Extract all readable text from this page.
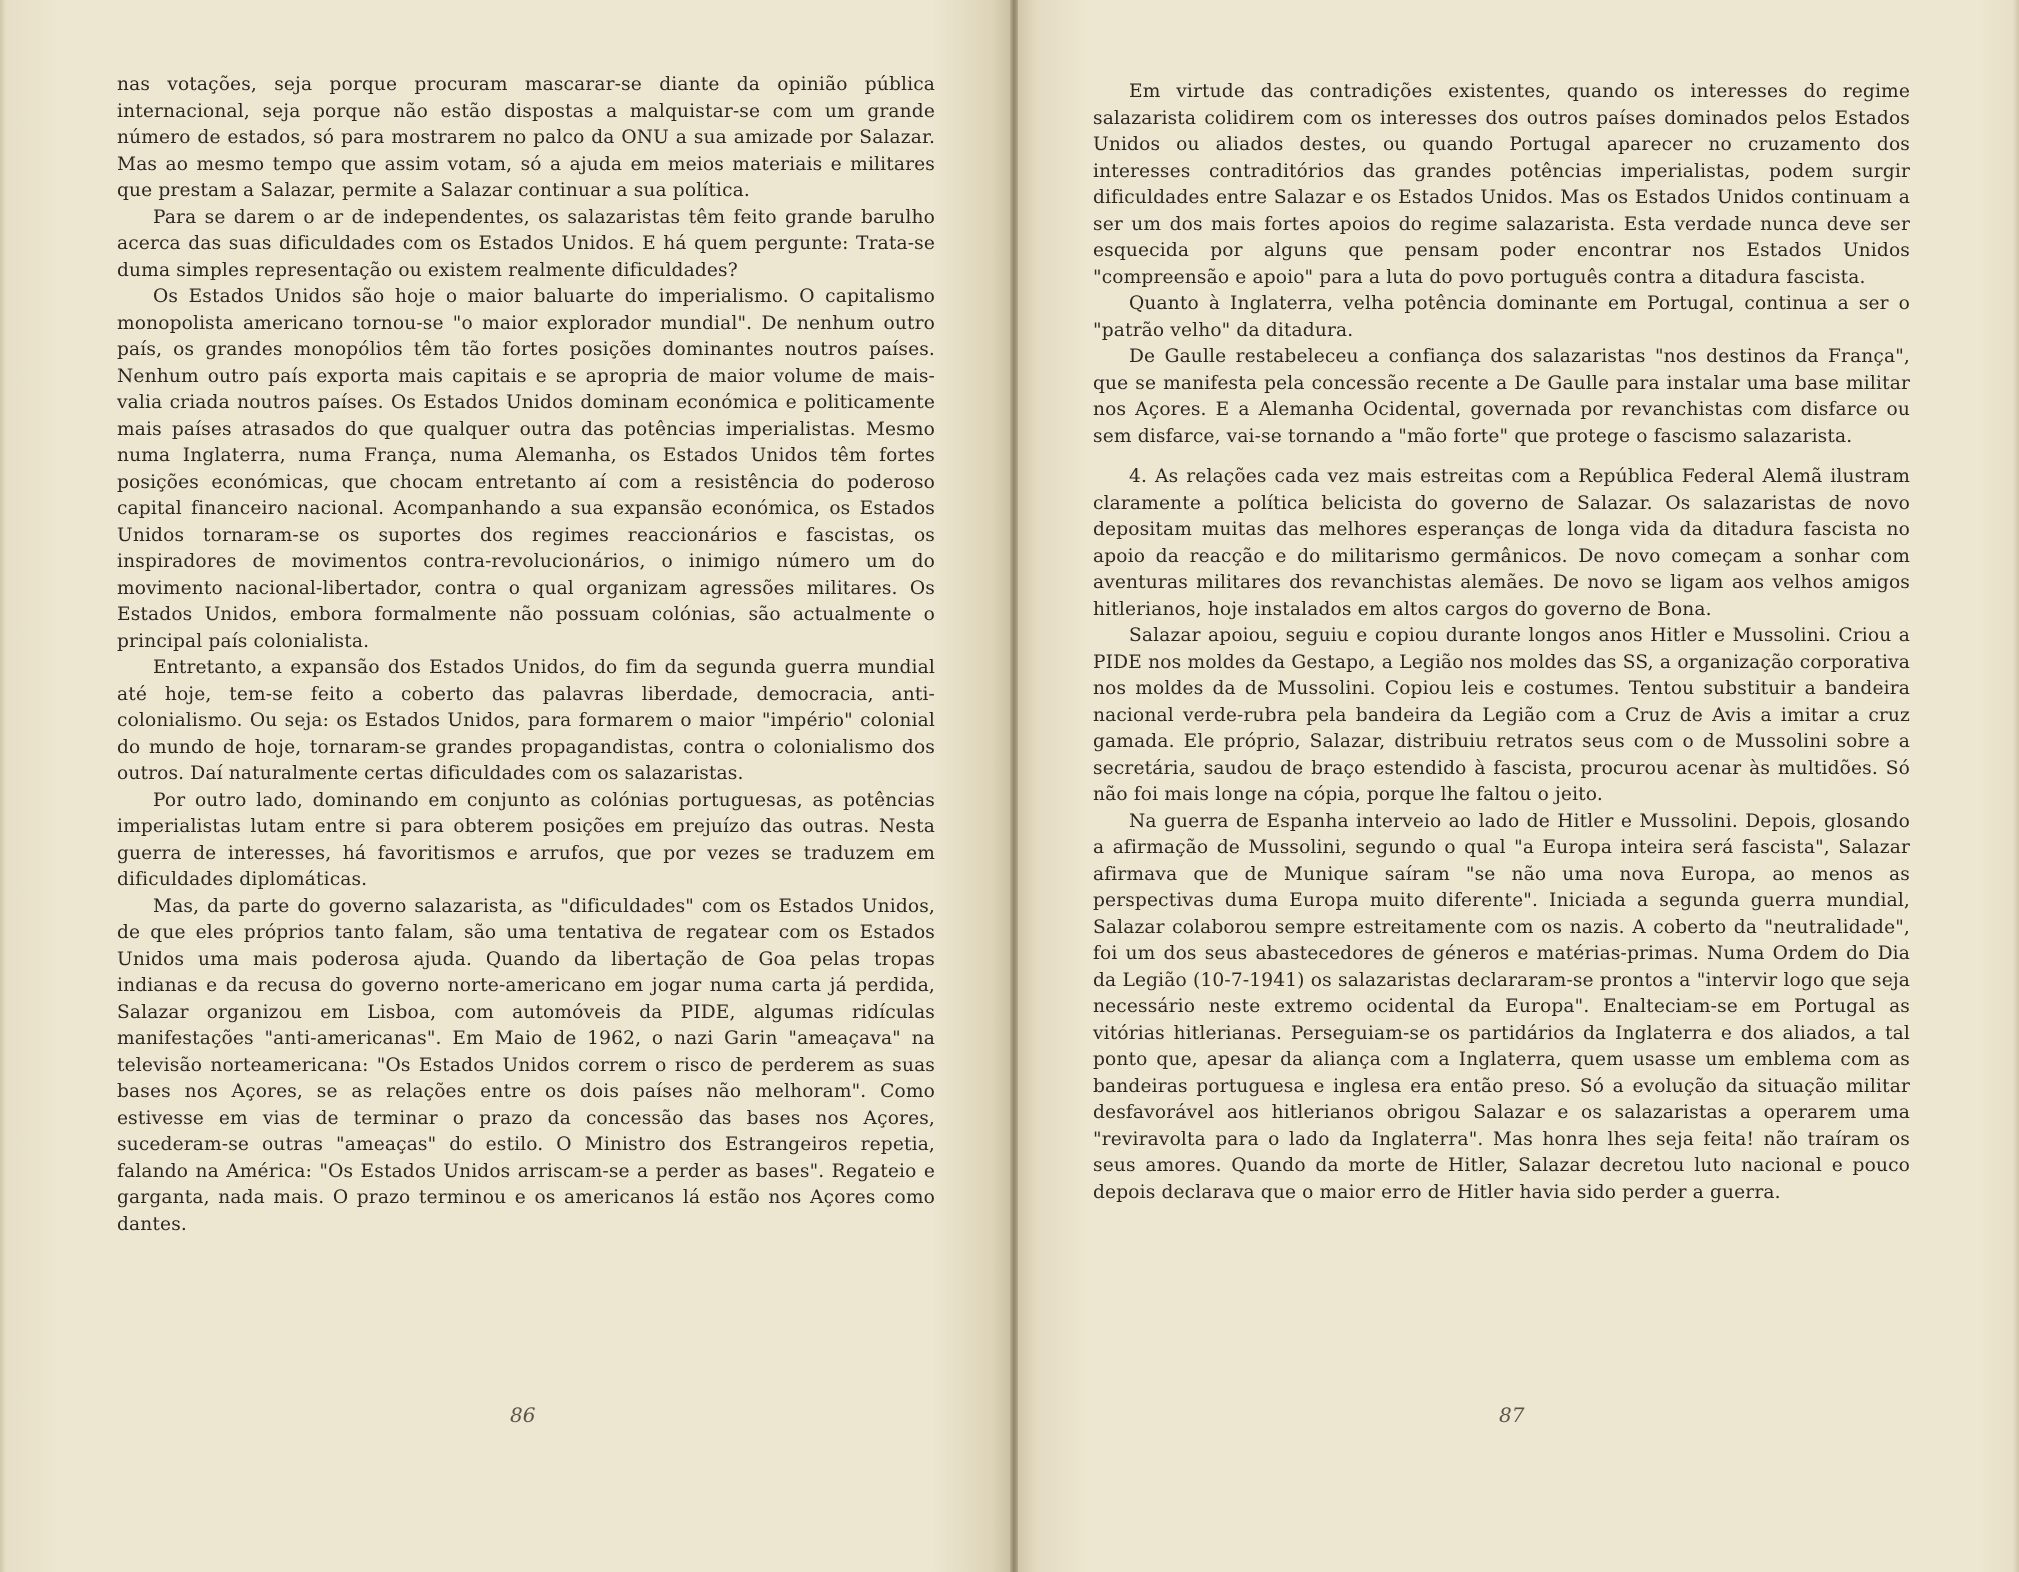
nas votações, seja porque procuram mascarar-se diante da opinião pública internacional, seja porque não estão dispostas a malquistar-se com um grande número de estados, só para mostrarem no palco da ONU a sua amizade por Salazar. Mas ao mesmo tempo que assim votam, só a ajuda em meios materiais e militares que prestam a Salazar, permite a Salazar continuar a sua política.

Para se darem o ar de independentes, os salazaristas têm feito grande barulho acerca das suas dificuldades com os Estados Unidos. E há quem pergunte: Trata-se duma simples representação ou existem realmente dificuldades?

Os Estados Unidos são hoje o maior baluarte do imperialismo. O capitalismo monopolista americano tornou-se "o maior explorador mundial". De nenhum outro país, os grandes monopólios têm tão fortes posições dominantes noutros países. Nenhum outro país exporta mais capitais e se apropria de maior volume de mais-valia criada noutros países. Os Estados Unidos dominam económica e politicamente mais países atrasados do que qualquer outra das potências imperialistas. Mesmo numa Inglaterra, numa França, numa Alemanha, os Estados Unidos têm fortes posições económicas, que chocam entretanto aí com a resistência do poderoso capital financeiro nacional. Acompanhando a sua expansão económica, os Estados Unidos tornaram-se os suportes dos regimes reaccionários e fascistas, os inspiradores de movimentos contra-revolucionários, o inimigo número um do movimento nacional-libertador, contra o qual organizam agressões militares. Os Estados Unidos, embora formalmente não possuam colónias, são actualmente o principal país colonialista.

Entretanto, a expansão dos Estados Unidos, do fim da segunda guerra mundial até hoje, tem-se feito a coberto das palavras liberdade, democracia, anti-colonialismo. Ou seja: os Estados Unidos, para formarem o maior "império" colonial do mundo de hoje, tornaram-se grandes propagandistas, contra o colonialismo dos outros. Daí naturalmente certas dificuldades com os salazaristas.

Por outro lado, dominando em conjunto as colónias portuguesas, as potências imperialistas lutam entre si para obterem posições em prejuízo das outras. Nesta guerra de interesses, há favoritismos e arrufos, que por vezes se traduzem em dificuldades diplomáticas.

Mas, da parte do governo salazarista, as "dificuldades" com os Estados Unidos, de que eles próprios tanto falam, são uma tentativa de regatear com os Estados Unidos uma mais poderosa ajuda. Quando da libertação de Goa pelas tropas indianas e da recusa do governo norte-americano em jogar numa carta já perdida, Salazar organizou em Lisboa, com automóveis da PIDE, algumas ridículas manifestações "anti-americanas". Em Maio de 1962, o nazi Garin "ameaçava" na televisão norteamericana: "Os Estados Unidos correm o risco de perderem as suas bases nos Açores, se as relações entre os dois países não melhoram". Como estivesse em vias de terminar o prazo da concessão das bases nos Açores, sucederam-se outras "ameaças" do estilo. O Ministro dos Estrangeiros repetia, falando na América: "Os Estados Unidos arriscam-se a perder as bases". Regateio e garganta, nada mais. O prazo terminou e os americanos lá estão nos Açores como dantes.

Em virtude das contradições existentes, quando os interesses do regime salazarista colidirem com os interesses dos outros países dominados pelos Estados Unidos ou aliados destes, ou quando Portugal aparecer no cruzamento dos interesses contraditórios das grandes potências imperialistas, podem surgir dificuldades entre Salazar e os Estados Unidos. Mas os Estados Unidos continuam a ser um dos mais fortes apoios do regime salazarista. Esta verdade nunca deve ser esquecida por alguns que pensam poder encontrar nos Estados Unidos "compreensão e apoio" para a luta do povo português contra a ditadura fascista.

Quanto à Inglaterra, velha potência dominante em Portugal, continua a ser o "patrão velho" da ditadura.

De Gaulle restabeleceu a confiança dos salazaristas "nos destinos da França", que se manifesta pela concessão recente a De Gaulle para instalar uma base militar nos Açores. E a Alemanha Ocidental, governada por revanchistas com disfarce ou sem disfarce, vai-se tornando a "mão forte" que protege o fascismo salazarista.

4. As relações cada vez mais estreitas com a República Federal Alemã ilustram claramente a política belicista do governo de Salazar. Os salazaristas de novo depositam muitas das melhores esperanças de longa vida da ditadura fascista no apoio da reacção e do militarismo germânicos. De novo começam a sonhar com aventuras militares dos revanchistas alemães. De novo se ligam aos velhos amigos hitlerianos, hoje instalados em altos cargos do governo de Bona.

Salazar apoiou, seguiu e copiou durante longos anos Hitler e Mussolini. Criou a PIDE nos moldes da Gestapo, a Legião nos moldes das SS, a organização corporativa nos moldes da de Mussolini. Copiou leis e costumes. Tentou substituir a bandeira nacional verde-rubra pela bandeira da Legião com a Cruz de Avis a imitar a cruz gamada. Ele próprio, Salazar, distribuiu retratos seus com o de Mussolini sobre a secretária, saudou de braço estendido à fascista, procurou acenar às multidões. Só não foi mais longe na cópia, porque lhe faltou o jeito.

Na guerra de Espanha interveio ao lado de Hitler e Mussolini. Depois, glosando a afirmação de Mussolini, segundo o qual "a Europa inteira será fascista", Salazar afirmava que de Munique saíram "se não uma nova Europa, ao menos as perspectivas duma Europa muito diferente". Iniciada a segunda guerra mundial, Salazar colaborou sempre estreitamente com os nazis. A coberto da "neutralidade", foi um dos seus abastecedores de géneros e matérias-primas. Numa Ordem do Dia da Legião (10-7-1941) os salazaristas declararam-se prontos a "intervir logo que seja necessário neste extremo ocidental da Europa". Enalteciam-se em Portugal as vitórias hitlerianas. Perseguiam-se os partidários da Inglaterra e dos aliados, a tal ponto que, apesar da aliança com a Inglaterra, quem usasse um emblema com as bandeiras portuguesa e inglesa era então preso. Só a evolução da situação militar desfavorável aos hitlerianos obrigou Salazar e os salazaristas a operarem uma "reviravolta para o lado da Inglaterra". Mas honra lhes seja feita! não traíram os seus amores. Quando da morte de Hitler, Salazar decretou luto nacional e pouco depois declarava que o maior erro de Hitler havia sido perder a guerra.

86	87
